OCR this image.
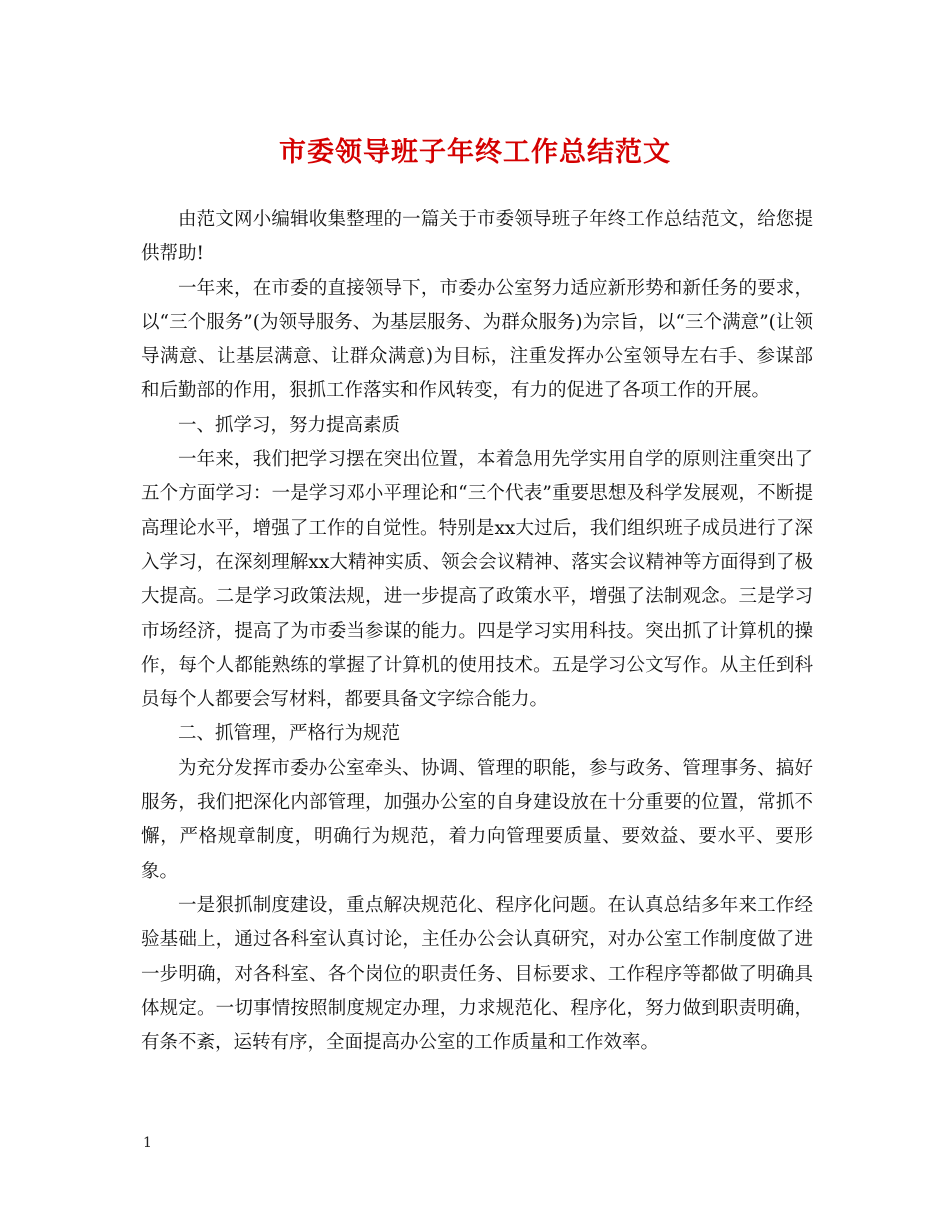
市委领导班子年终工作总结范文

由范文网小编辑收集整理的一篇关于市委领导班子年终工作总结范文，给您提供帮助!

一年来，在市委的直接领导下，市委办公室努力适应新形势和新任务的要求，以“三个服务”(为领导服务、为基层服务、为群众服务)为宗旨，以“三个满意”(让领导满意、让基层满意、让群众满意)为目标，注重发挥办公室领导左右手、参谋部和后勤部的作用，狠抓工作落实和作风转变，有力的促进了各项工作的开展。

一、抓学习，努力提高素质

一年来，我们把学习摆在突出位置，本着急用先学实用自学的原则注重突出了五个方面学习：一是学习邓小平理论和“三个代表”重要思想及科学发展观，不断提高理论水平，增强了工作的自觉性。特别是xx大过后，我们组织班子成员进行了深入学习，在深刻理解xx大精神实质、领会会议精神、落实会议精神等方面得到了极大提高。二是学习政策法规，进一步提高了政策水平，增强了法制观念。三是学习市场经济，提高了为市委当参谋的能力。四是学习实用科技。突出抓了计算机的操作，每个人都能熟练的掌握了计算机的使用技术。五是学习公文写作。从主任到科员每个人都要会写材料，都要具备文字综合能力。

二、抓管理，严格行为规范

为充分发挥市委办公室牵头、协调、管理的职能，参与政务、管理事务、搞好服务，我们把深化内部管理，加强办公室的自身建设放在十分重要的位置，常抓不懈，严格规章制度，明确行为规范，着力向管理要质量、要效益、要水平、要形象。

一是狠抓制度建设，重点解决规范化、程序化问题。在认真总结多年来工作经验基础上，通过各科室认真讨论，主任办公会认真研究，对办公室工作制度做了进一步明确，对各科室、各个岗位的职责任务、目标要求、工作程序等都做了明确具体规定。一切事情按照制度规定办理，力求规范化、程序化，努力做到职责明确，有条不紊，运转有序，全面提高办公室的工作质量和工作效率。

1
